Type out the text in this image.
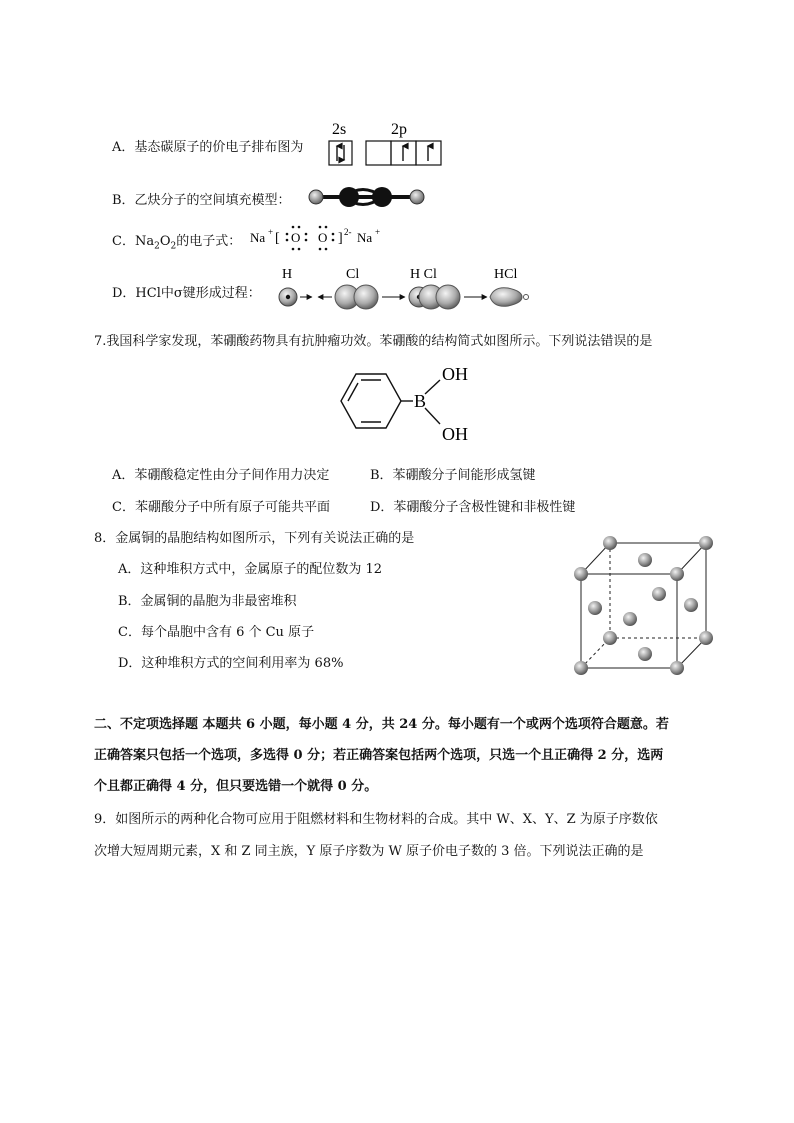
A．基态碳原子的价电子排布图为
2s	2p
B．乙炔分子的空间填充模型：
C．$Na_2O_2$的电子式： Na + [ O O ] 2- Na +
D．HCl中σ键形成过程：
H	Cl	H Cl	HCl
7.我国科学家发现，苯硼酸药物具有抗肿瘤功效。苯硼酸的结构简式如图所示。下列说法错误的是
B
OH
OH
A．苯硼酸稳定性由分子间作用力决定	B．苯硼酸分子间能形成氢键
C．苯硼酸分子中所有原子可能共平面	D．苯硼酸分子含极性键和非极性键
8．金属铜的晶胞结构如图所示，下列有关说法正确的是
A．这种堆积方式中，金属原子的配位数为 12
B．金属铜的晶胞为非最密堆积
C．每个晶胞中含有 6 个 Cu 原子
D．这种堆积方式的空间利用率为 68%
二、不定项选择题 本题共 6 小题，每小题 4 分，共 24 分。每小题有一个或两个选项符合题意。若
正确答案只包括一个选项，多选得 0 分；若正确答案包括两个选项，只选一个且正确得 2 分，选两
个且都正确得 4 分，但只要选错一个就得 0 分。
9．如图所示的两种化合物可应用于阻燃材料和生物材料的合成。其中 W、X、Y、Z 为原子序数依
次增大短周期元素，X 和 Z 同主族，Y 原子序数为 W 原子价电子数的 3 倍。下列说法正确的是
